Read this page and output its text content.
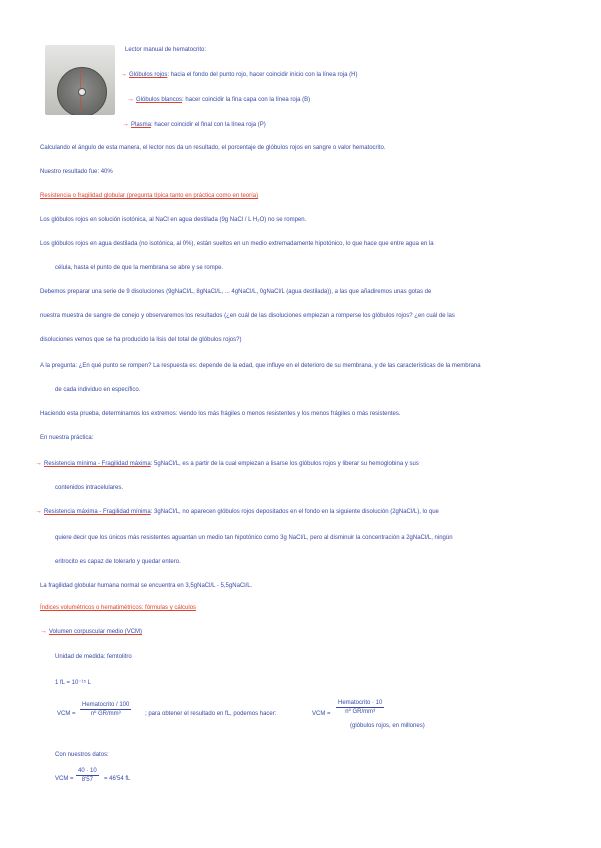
Lector manual de hematocrito:
→ Glóbulos rojos: hacia el fondo del punto rojo, hacer coincidir inicio con la línea roja (H)
→ Glóbulos blancos: hacer coincidir la fina capa con la línea roja (B)
→ Plasma: hacer coincidir el final con la línea roja (P)
Calculando el ángulo de esta manera, el lector nos da un resultado, el porcentaje de glóbulos rojos en sangre o valor hematocrito.
Nuestro resultado fue: 40%
Resistencia o fragilidad globular (pregunta típica tanto en práctica como en teoría)
Los glóbulos rojos en solución isotónica, al NaCl en agua destilada (9g NaCl / L H₂O) no se rompen.
Los glóbulos rojos en agua destilada (no isotónica, al 0%), están sueltos en un medio extremadamente hipotónico, lo que hace que entre agua en la
célula, hasta el punto de que la membrana se abre y se rompe.
Debemos preparar una serie de 9 disoluciones (9gNaCl/L, 8gNaCl/L, ... 4gNaCl/L, 0gNaCl/L (agua destilada)), a las que añadiremos unas gotas de
nuestra muestra de sangre de conejo y observaremos los resultados (¿en cuál de las disoluciones empiezan a romperse los glóbulos rojos? ¿en cuál de las
disoluciones vemos que se ha producido la lisis del total de glóbulos rojos?)
A la pregunta: ¿En qué punto se rompen? La respuesta es: depende de la edad, que influye en el deterioro de su membrana, y de las características de la membrana
de cada individuo en específico.
Haciendo esta prueba, determinamos los extremos: viendo los más frágiles o menos resistentes y los menos frágiles o más resistentes.
En nuestra práctica:
→ Resistencia mínima - Fragilidad máxima: 5gNaCl/L, es a partir de la cual empiezan a lisarse los glóbulos rojos y liberar su hemoglobina y sus
contenidos intracelulares.
→ Resistencia máxima - Fragilidad mínima: 3gNaCl/L, no aparecen glóbulos rojos depositados en el fondo en la siguiente disolución (2gNaCl/L), lo que
quiere decir que los únicos más resistentes aguantan un medio tan hipotónico como 3g NaCl/L, pero al disminuir la concentración a 2gNaCl/L, ningún
eritrocito es capaz de tolerarlo y quedar entero.
La fragilidad globular humana normal se encuentra en 3,5gNaCl/L - 5,5gNaCl/L.
Índices volumétricos o hematimétricos: fórmulas y cálculos
→ Volumen corpuscular medio (VCM)
Unidad de medida: femtolitro
1 fL = 10⁻¹⁵ L
VCM =
Hematocrito / 100
nº GR/mm³	; para obtener el resultado en fL, podemos hacer:	VCM =
Hematocrito · 10
nº GR/mm³
(glóbulos rojos, en millones)
Con nuestros datos:
VCM = $\frac{40 \cdot 10}{8'57} = 46'54$ fL
